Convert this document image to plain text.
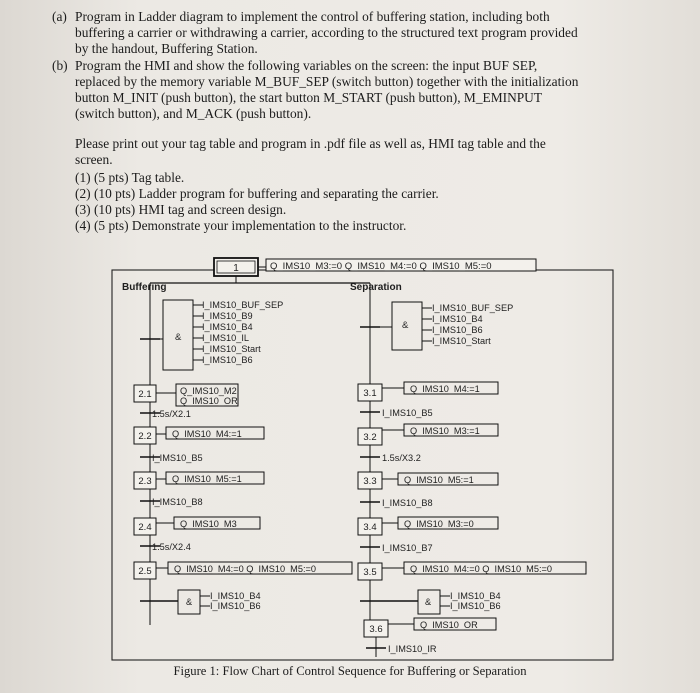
(a) Program in Ladder diagram to implement the control of buffering station, including both
buffering a carrier or withdrawing a carrier, according to the structured text program provided
by the handout, Buffering Station.
(b) Program the HMI and show the following variables on the screen: the input BUF SEP,
replaced by the memory variable M_BUF_SEP (switch button) together with the initialization
button M_INIT (push button), the start button M_START (push button), M_EMINPUT
(switch button), and M_ACK (push button).
Please print out your tag table and program in .pdf file as well as, HMI tag table and the
screen.
(1) (5 pts) Tag table.
(2) (10 pts) Ladder program for buffering and separating the carrier.
(3) (10 pts) HMI tag and screen design.
(4) (5 pts) Demonstrate your implementation to the instructor.
1	Q_IMS10_M3:=0 Q_IMS10_M4:=0 Q_IMS10_M5:=0
Buffering	Separation
&
I_IMS10_BUF_SEP
I_IMS10_B9
I_IMS10_B4
I_IMS10_IL
I_IMS10_Start
I_IMS10_B6
2.1	Q_IMS10_M2
Q_IMS10_OR
1.5s/X2.1
2.2 Q_IMS10_M4:=1
I_IMS10_B5
2.3 Q_IMS10_M5:=1
I_IMS10_B8
2.4	Q_IMS10_M3
1.5s/X2.4
2.5 Q_IMS10_M4:=0 Q_IMS10_M5:=0
&
I_IMS10_B4
I_IMS10_B6
&
I_IMS10_BUF_SEP
I_IMS10_B4
I_IMS10_B6
I_IMS10_Start
3.1	Q_IMS10_M4:=1
I_IMS10_B5
3.2
Q_IMS10_M3:=1
1.5s/X3.2
3.3	Q_IMS10_M5:=1
I_IMS10_B8
3.4	Q_IMS10_M3:=0
I_IMS10_B7
3.5	Q_IMS10_M4:=0 Q_IMS10_M5:=0
&
I_IMS10_B4
I_IMS10_B6
3.6	Q_IMS10_OR
I_IMS10_IR
Figure 1: Flow Chart of Control Sequence for Buffering or Separation
